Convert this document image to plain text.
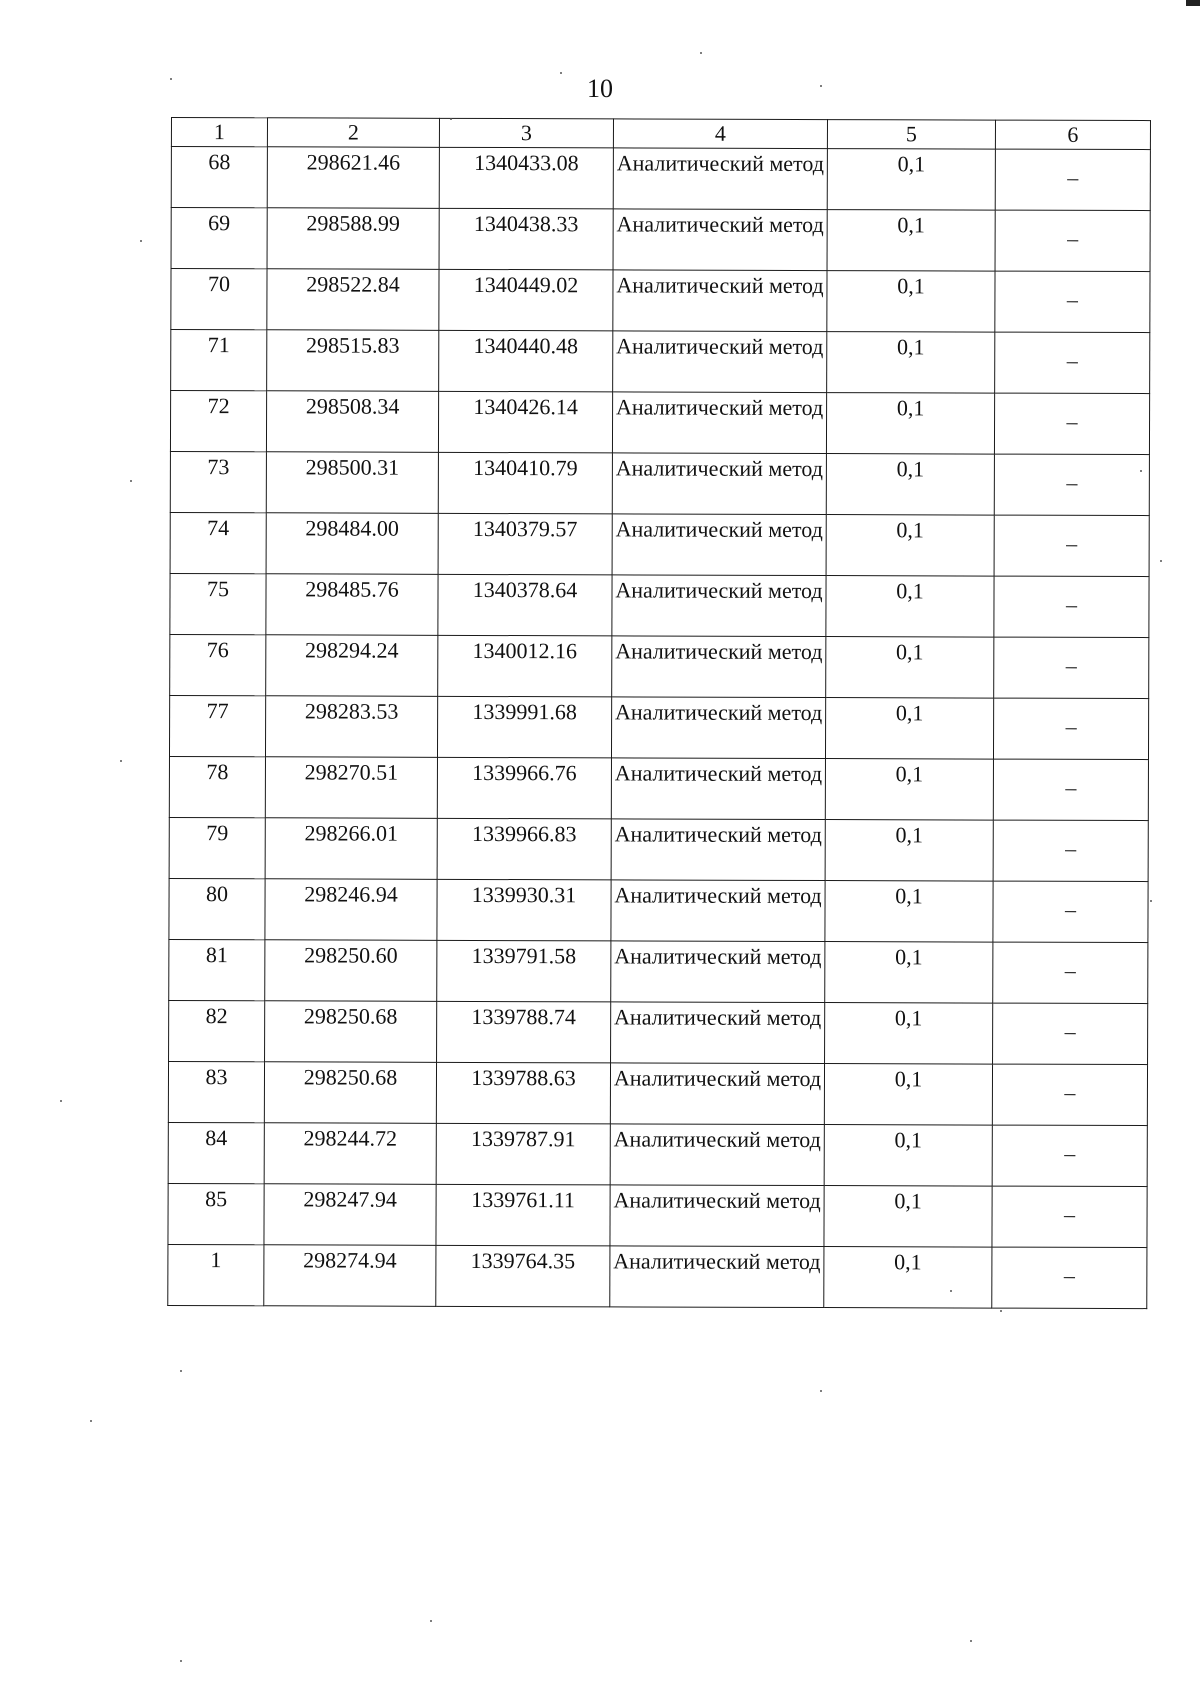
10
1	2	3	4	5	6
68	298621.46	1340433.08	Аналитический метод	0,1	–
69	298588.99	1340438.33	Аналитический метод	0,1	–
70	298522.84	1340449.02	Аналитический метод	0,1	–
71	298515.83	1340440.48	Аналитический метод	0,1	–
72	298508.34	1340426.14	Аналитический метод	0,1	–
73	298500.31	1340410.79	Аналитический метод	0,1	–
74	298484.00	1340379.57	Аналитический метод	0,1	–
75	298485.76	1340378.64	Аналитический метод	0,1	–
76	298294.24	1340012.16	Аналитический метод	0,1	–
77	298283.53	1339991.68	Аналитический метод	0,1	–
78	298270.51	1339966.76	Аналитический метод	0,1	–
79	298266.01	1339966.83	Аналитический метод	0,1	–
80	298246.94	1339930.31	Аналитический метод	0,1	–
81	298250.60	1339791.58	Аналитический метод	0,1	–
82	298250.68	1339788.74	Аналитический метод	0,1	–
83	298250.68	1339788.63	Аналитический метод	0,1	–
84	298244.72	1339787.91	Аналитический метод	0,1	–
85	298247.94	1339761.11	Аналитический метод	0,1	–
1	298274.94	1339764.35	Аналитический метод	0,1	–
